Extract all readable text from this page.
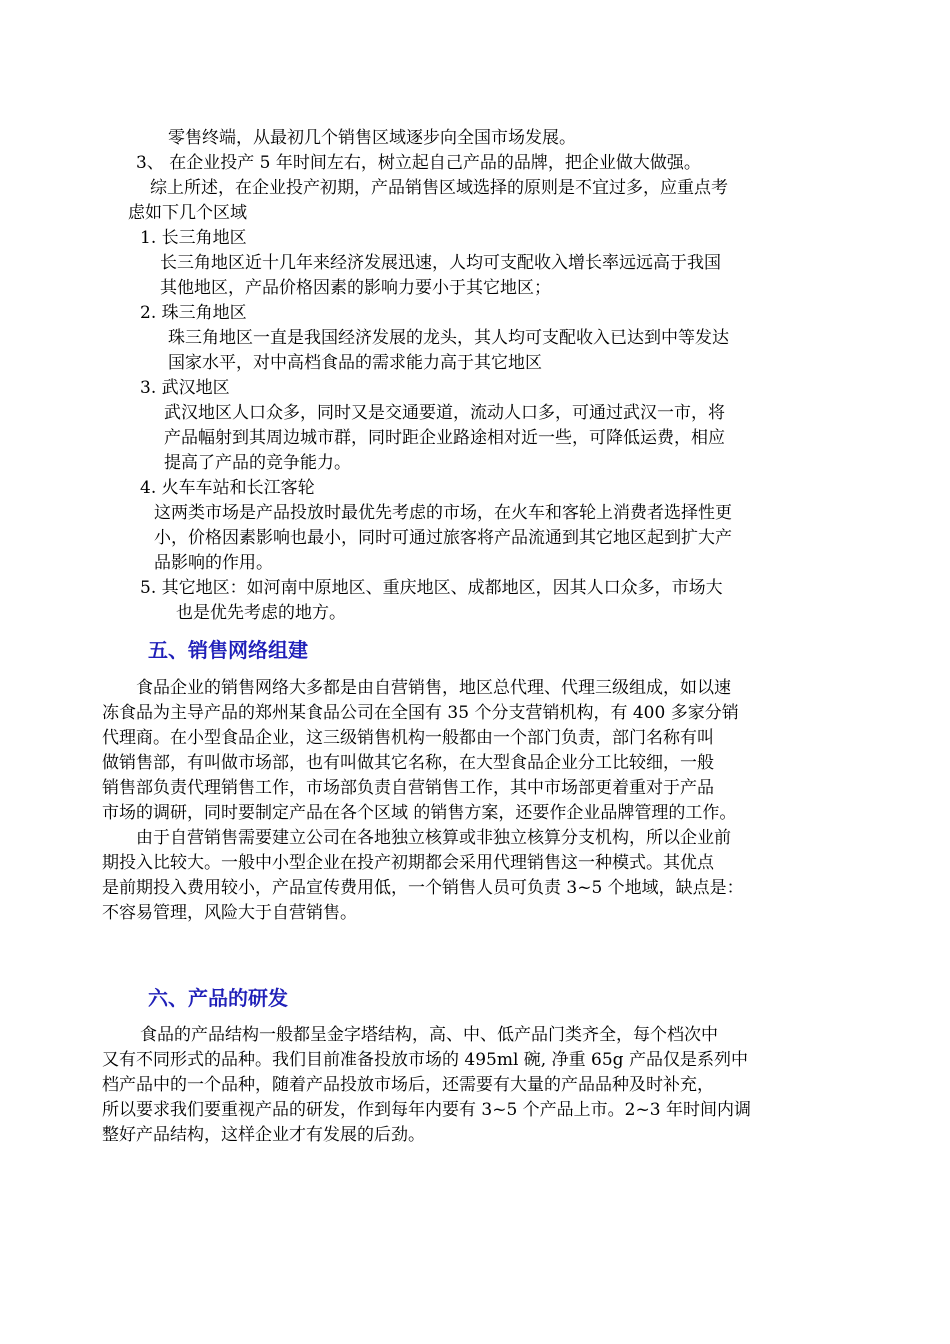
零售终端，从最初几个销售区域逐步向全国市场发展。
3、 在企业投产 5 年时间左右，树立起自己产品的品牌，把企业做大做强。
综上所述，在企业投产初期，产品销售区域选择的原则是不宜过多，应重点考
虑如下几个区域
1. 长三角地区
长三角地区近十几年来经济发展迅速，人均可支配收入增长率远远高于我国
其他地区，产品价格因素的影响力要小于其它地区；
2. 珠三角地区
珠三角地区一直是我国经济发展的龙头，其人均可支配收入已达到中等发达
国家水平，对中高档食品的需求能力高于其它地区
3. 武汉地区
武汉地区人口众多，同时又是交通要道，流动人口多，可通过武汉一市，将
产品幅射到其周边城市群，同时距企业路途相对近一些，可降低运费，相应
提高了产品的竞争能力。
4. 火车车站和长江客轮
这两类市场是产品投放时最优先考虑的市场，在火车和客轮上消费者选择性更
小，价格因素影响也最小，同时可通过旅客将产品流通到其它地区起到扩大产
品影响的作用。
5. 其它地区：如河南中原地区、重庆地区、成都地区，因其人口众多，市场大
也是优先考虑的地方。
五、销售网络组建
食品企业的销售网络大多都是由自营销售，地区总代理、代理三级组成，如以速
冻食品为主导产品的郑州某食品公司在全国有 35 个分支营销机构，有 400 多家分销
代理商。在小型食品企业，这三级销售机构一般都由一个部门负责，部门名称有叫
做销售部，有叫做市场部，也有叫做其它名称，在大型食品企业分工比较细，一般
销售部负责代理销售工作，市场部负责自营销售工作，其中市场部更着重对于产品
市场的调研，同时要制定产品在各个区域 的销售方案，还要作企业品牌管理的工作。
由于自营销售需要建立公司在各地独立核算或非独立核算分支机构，所以企业前
期投入比较大。一般中小型企业在投产初期都会采用代理销售这一种模式。其优点
是前期投入费用较小，产品宣传费用低，一个销售人员可负责 3~5 个地域，缺点是：
不容易管理，风险大于自营销售。
六、产品的研发
食品的产品结构一般都呈金字塔结构，高、中、低产品门类齐全，每个档次中
又有不同形式的品种。我们目前准备投放市场的 495ml 碗, 净重 65g 产品仅是系列中
档产品中的一个品种，随着产品投放市场后，还需要有大量的产品品种及时补充，
所以要求我们要重视产品的研发，作到每年内要有 3~5 个产品上市。2~3 年时间内调
整好产品结构，这样企业才有发展的后劲。
